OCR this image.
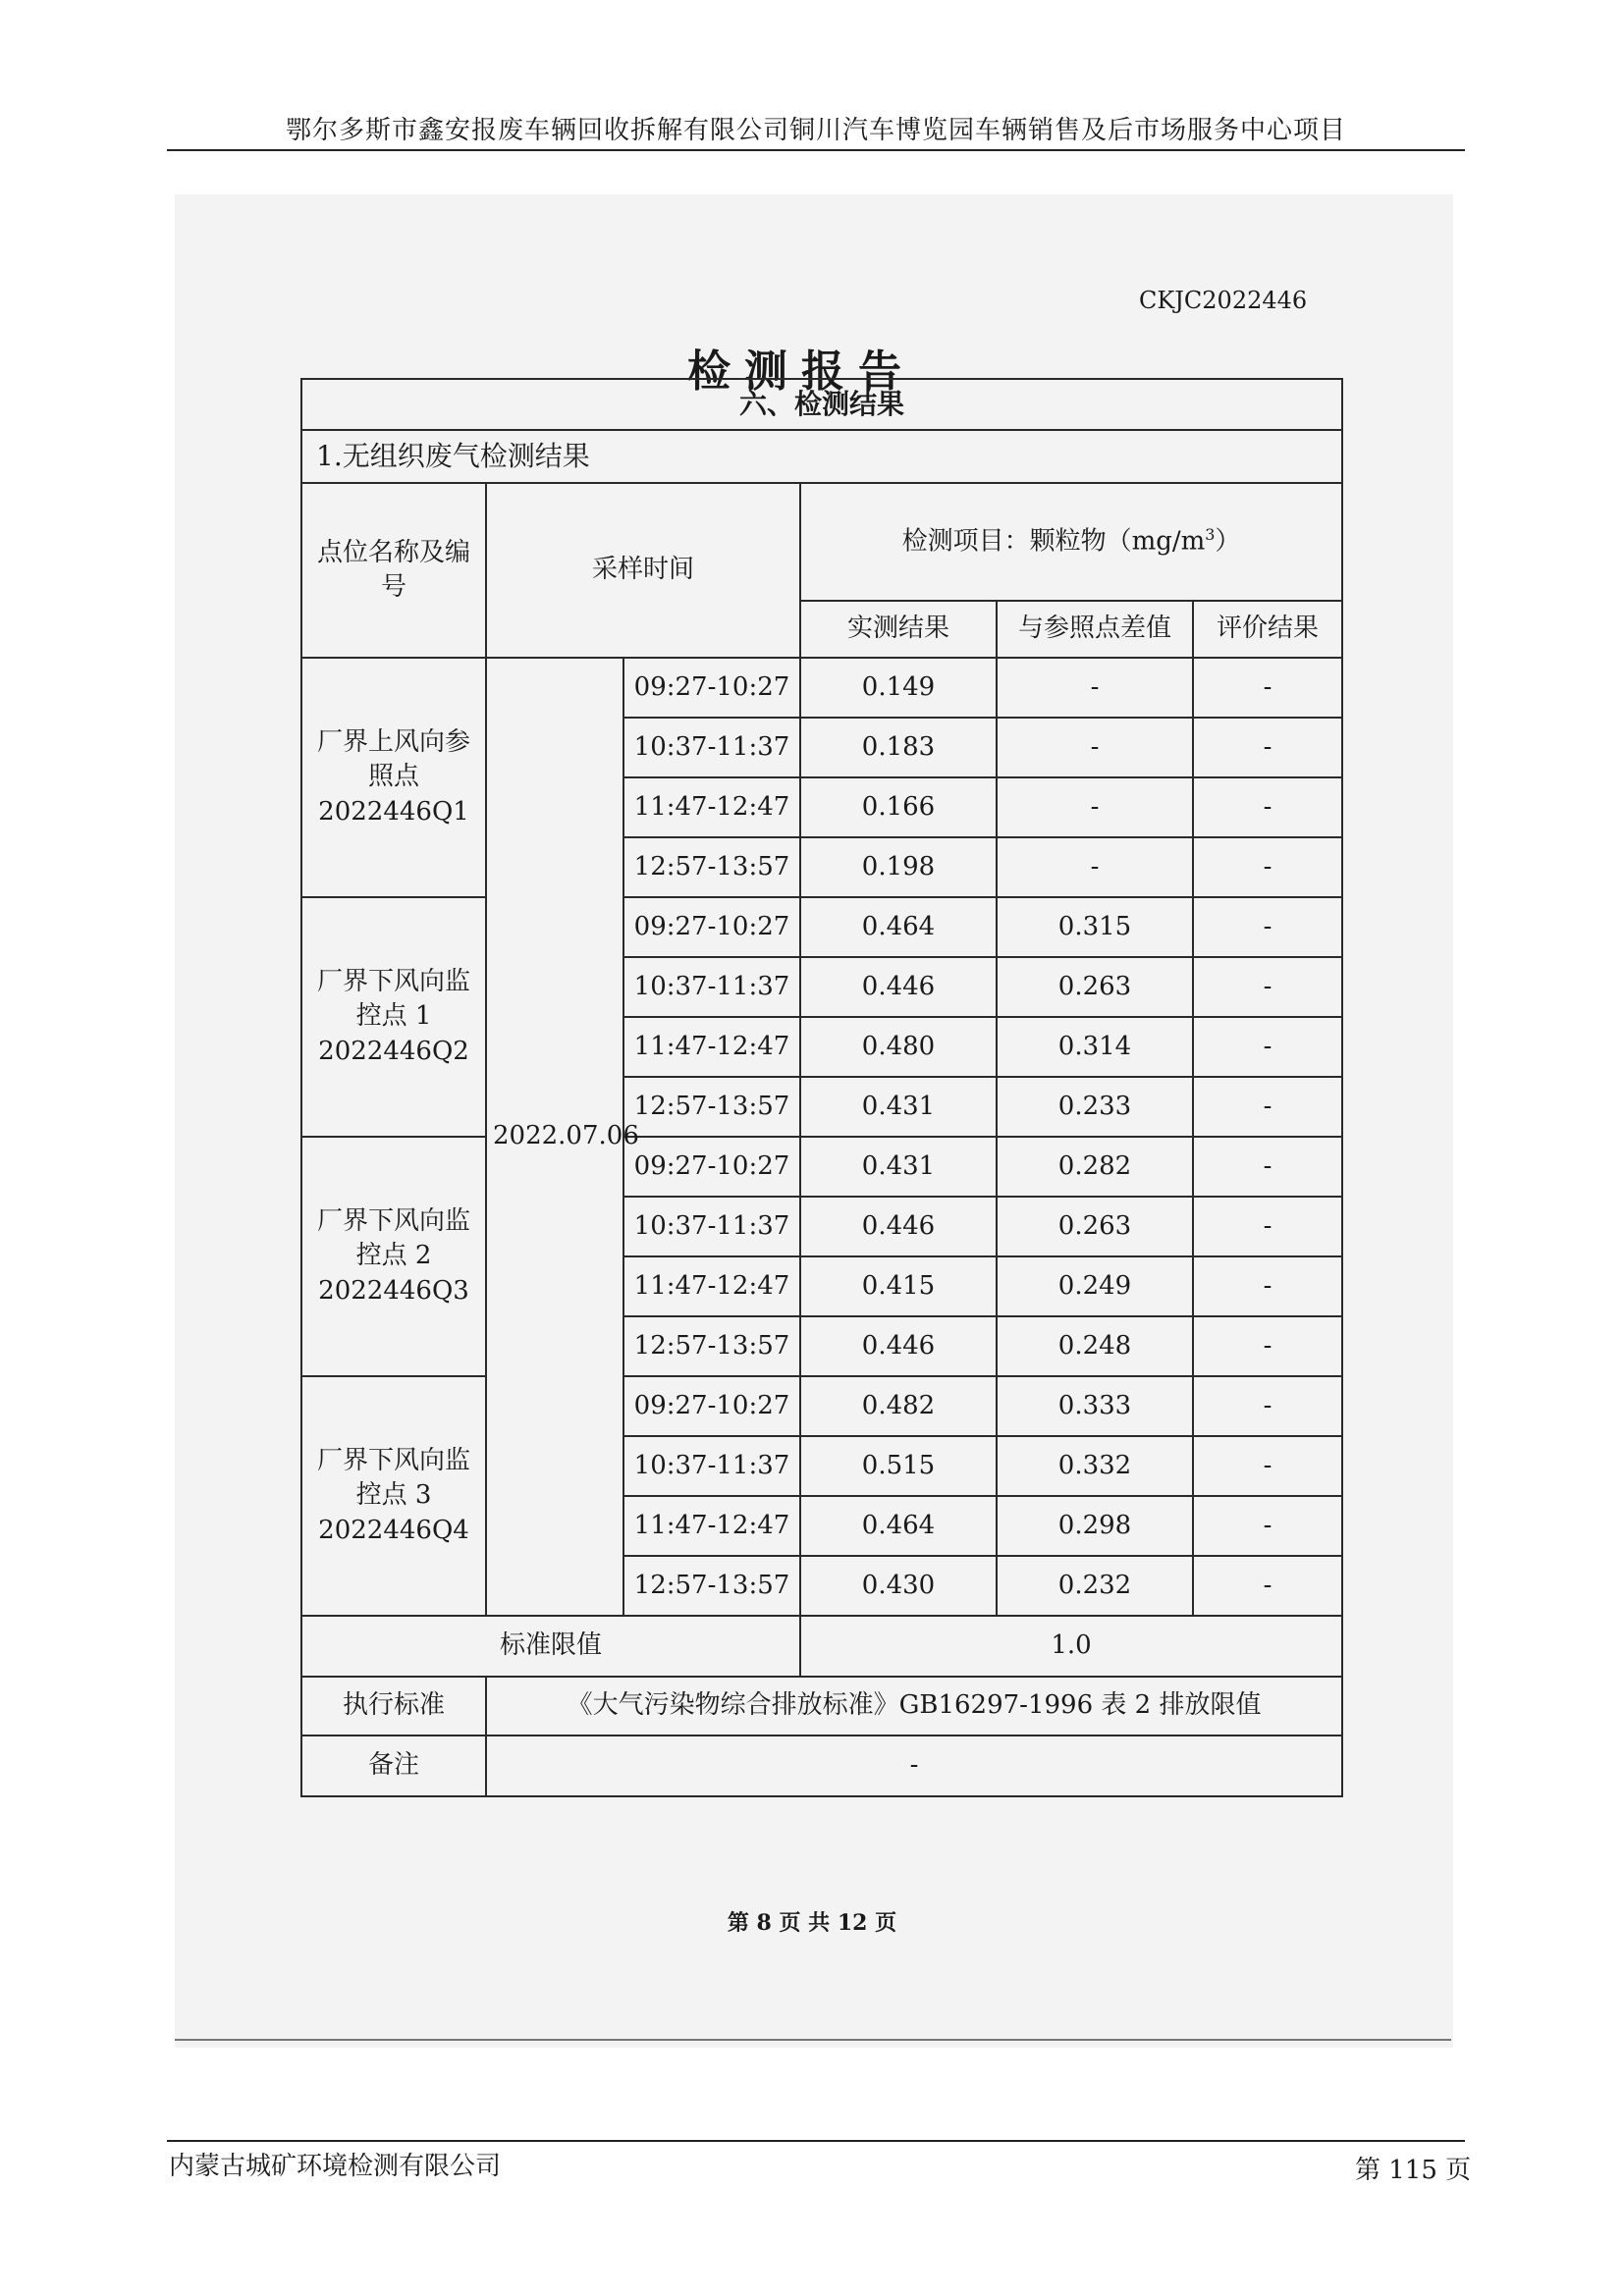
鄂尔多斯市鑫安报废车辆回收拆解有限公司铜川汽车博览园车辆销售及后市场服务中心项目
CKJC2022446
检测报告
六、检测结果					
1.无组织废气检测结果					
点位名称及编号	采样时间		检测项目：颗粒物$(mg/m^3)$		
			实测结果	与参照点差值	评价结果
厂界上风向参照点 2022446Q1	2022.07.06	09:27-10:27	0.149	-	-
		10:37-11:37	0.183	-	-
		11:47-12:47	0.166	-	-
		12:57-13:57	0.198	-	-
厂界下风向监控点 1 2022446Q2		09:27-10:27	0.464	0.315	-
		10:37-11:37	0.446	0.263	-
		11:47-12:47	0.480	0.314	-
		12:57-13:57	0.431	0.233	-
厂界下风向监控点 2 2022446Q3		09:27-10:27	0.431	0.282	-
		10:37-11:37	0.446	0.263	-
		11:47-12:47	0.415	0.249	-
		12:57-13:57	0.446	0.248	-
厂界下风向监控点 3 2022446Q4		09:27-10:27	0.482	0.333	-
		10:37-11:37	0.515	0.332	-
		11:47-12:47	0.464	0.298	-
		12:57-13:57	0.430	0.232	-
标准限值			1.0		
执行标准	《大气污染物综合排放标准》GB16297-1996 表 2 排放限值				
备注	-				
第 8 页 共 12 页
内蒙古城矿环境检测有限公司	第 115 页
